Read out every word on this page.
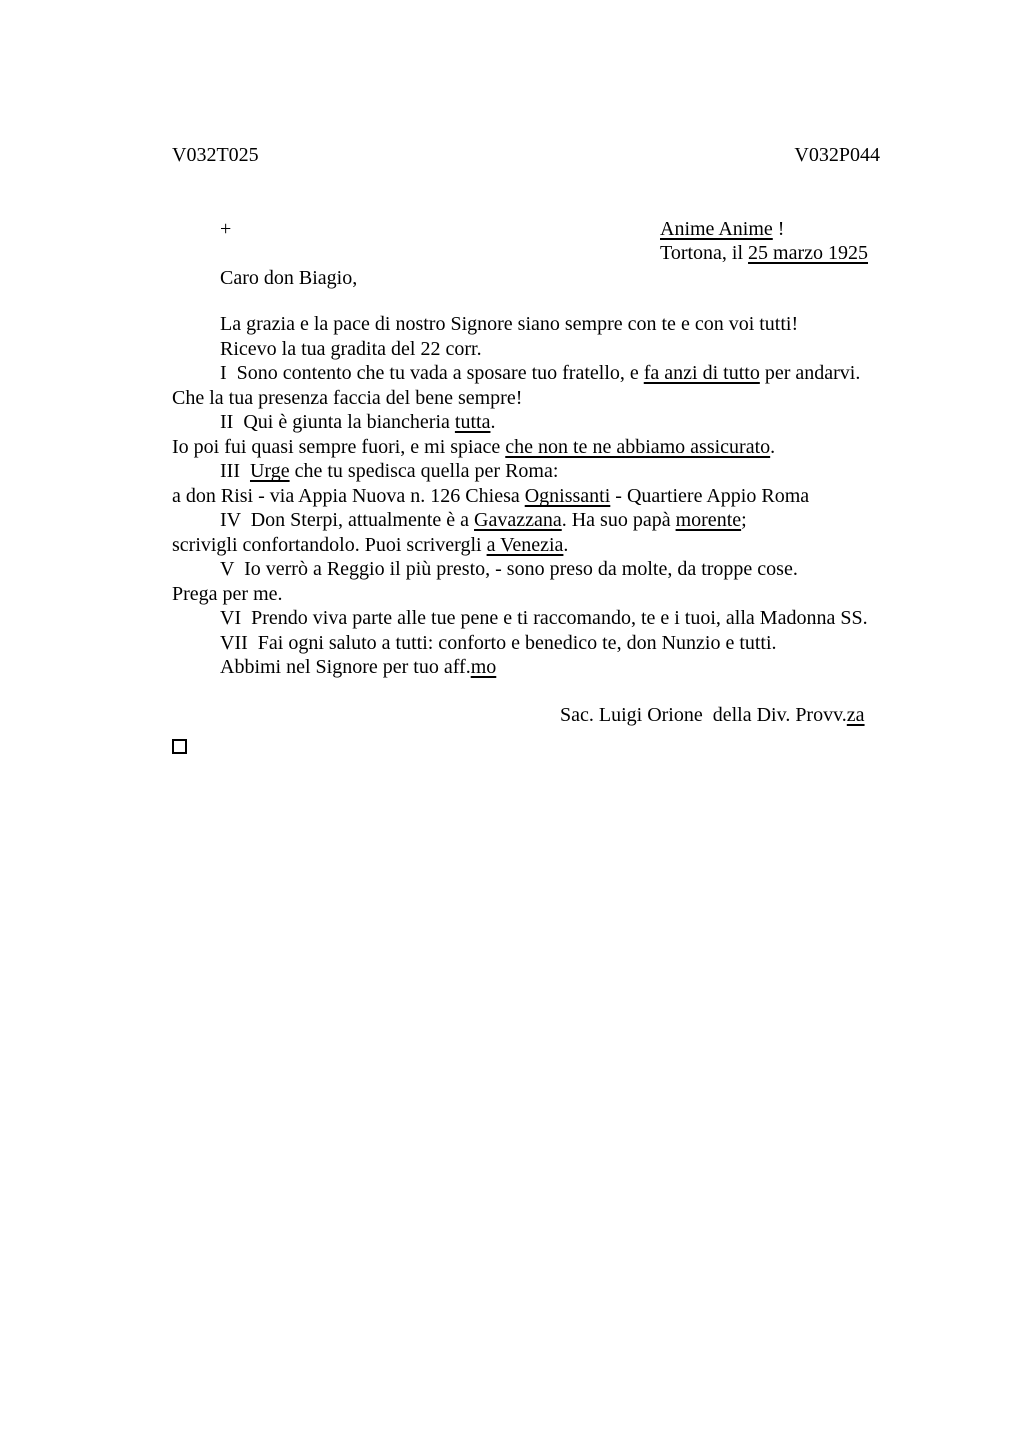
V032T025	V032P044
+	Anime Anime !
Tortona, il 25 marzo 1925
Caro don Biagio,
La grazia e la pace di nostro Signore siano sempre con te e con voi tutti!
Ricevo la tua gradita del 22 corr.
I  Sono contento che tu vada a sposare tuo fratello, e fa anzi di tutto per andarvi.
Che la tua presenza faccia del bene sempre!
II  Qui è giunta la biancheria tutta.
Io poi fui quasi sempre fuori, e mi spiace che non te ne abbiamo assicurato.
III  Urge che tu spedisca quella per Roma:
a don Risi - via Appia Nuova n. 126 Chiesa Ognissanti - Quartiere Appio Roma
IV  Don Sterpi, attualmente è a Gavazzana. Ha suo papà morente;
scrivigli confortandolo. Puoi scrivergli a Venezia.
V  Io verrò a Reggio il più presto, - sono preso da molte, da troppe cose.
Prega per me.
VI  Prendo viva parte alle tue pene e ti raccomando, te e i tuoi, alla Madonna SS.
VII  Fai ogni saluto a tutti: conforto e benedico te, don Nunzio e tutti.
Abbimi nel Signore per tuo aff.mo
Sac. Luigi Orione  della Div. Provv.za
